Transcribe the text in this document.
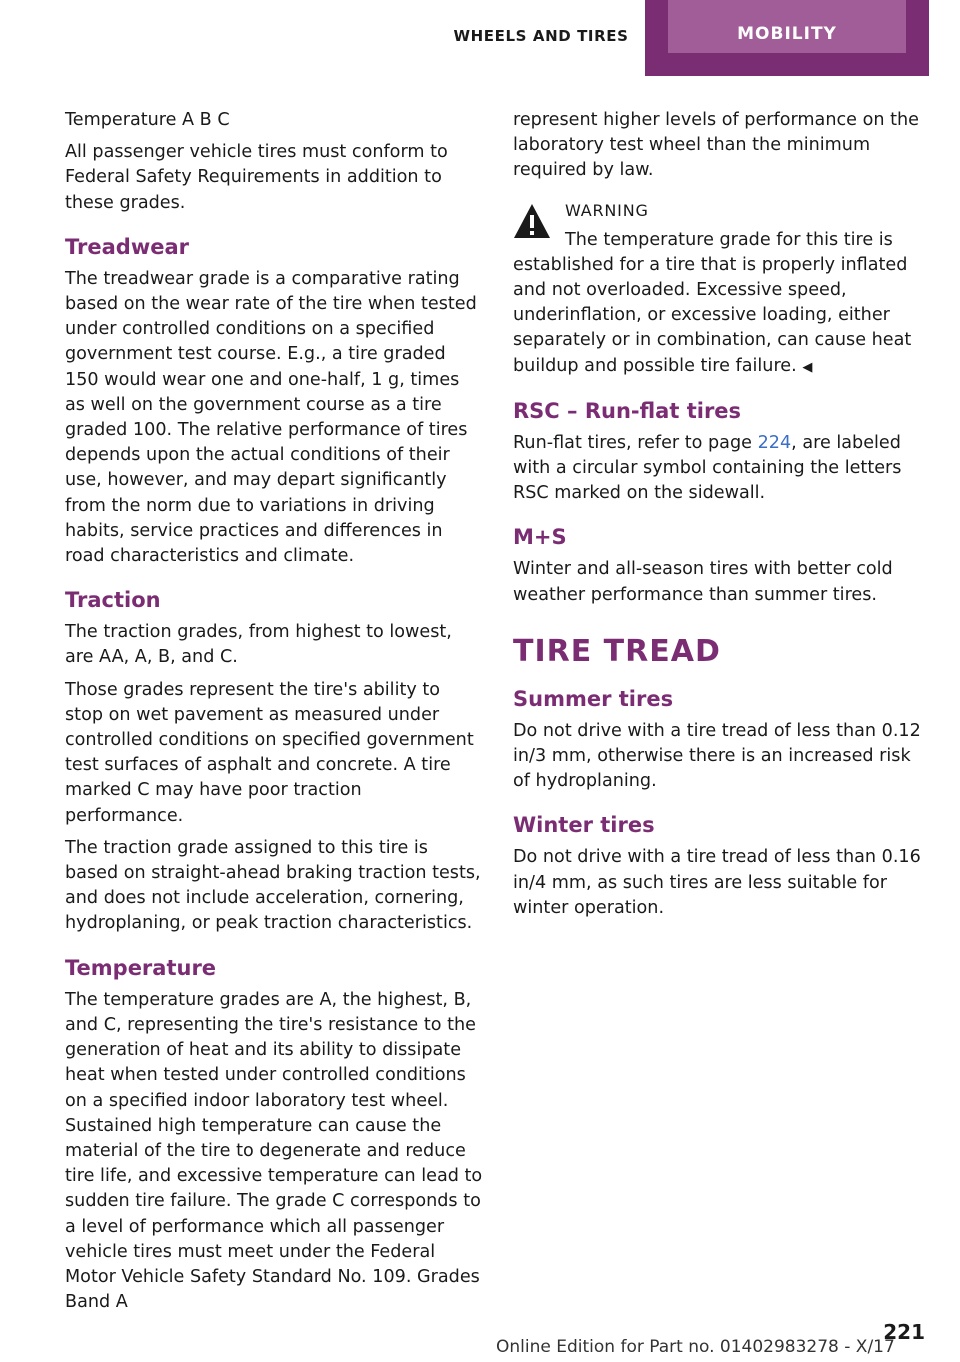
WHEELS AND TIRES	MOBILITY

Temperature A B C

All passenger vehicle tires must conform to Federal Safety Requirements in addition to these grades.

Treadwear

The treadwear grade is a comparative rating based on the wear rate of the tire when tested under controlled conditions on a specified government test course. E.g., a tire graded 150 would wear one and one-half, 1 g, times as well on the government course as a tire graded 100. The relative performance of tires depends upon the actual conditions of their use, however, and may depart significantly from the norm due to variations in driving habits, service practices and differences in road characteristics and climate.

Traction

The traction grades, from highest to lowest, are AA, A, B, and C.

Those grades represent the tire's ability to stop on wet pavement as measured under controlled conditions on specified government test surfaces of asphalt and concrete. A tire marked C may have poor traction performance.

The traction grade assigned to this tire is based on straight-ahead braking traction tests, and does not include acceleration, cornering, hydroplaning, or peak traction characteristics.

Temperature

The temperature grades are A, the highest, B, and C, representing the tire's resistance to the generation of heat and its ability to dissipate heat when tested under controlled conditions on a specified indoor laboratory test wheel. Sustained high temperature can cause the material of the tire to degenerate and reduce tire life, and excessive temperature can lead to sudden tire failure. The grade C corresponds to a level of performance which all passenger vehicle tires must meet under the Federal Motor Vehicle Safety Standard No. 109. Grades Band A

represent higher levels of performance on the laboratory test wheel than the minimum required by law.

WARNING

The temperature grade for this tire is established for a tire that is properly inflated and not overloaded. Excessive speed, underinflation, or excessive loading, either separately or in combination, can cause heat buildup and possible tire failure. ◀

RSC – Run-flat tires

Run-flat tires, refer to page 224, are labeled with a circular symbol containing the letters RSC marked on the sidewall.

M+S

Winter and all-season tires with better cold weather performance than summer tires.

TIRE TREAD
Summer tires

Do not drive with a tire tread of less than 0.12 in/3 mm, otherwise there is an increased risk of hydroplaning.

Winter tires

Do not drive with a tire tread of less than 0.16 in/4 mm, as such tires are less suitable for winter operation.

221
Online Edition for Part no. 01402983278 - X/17
